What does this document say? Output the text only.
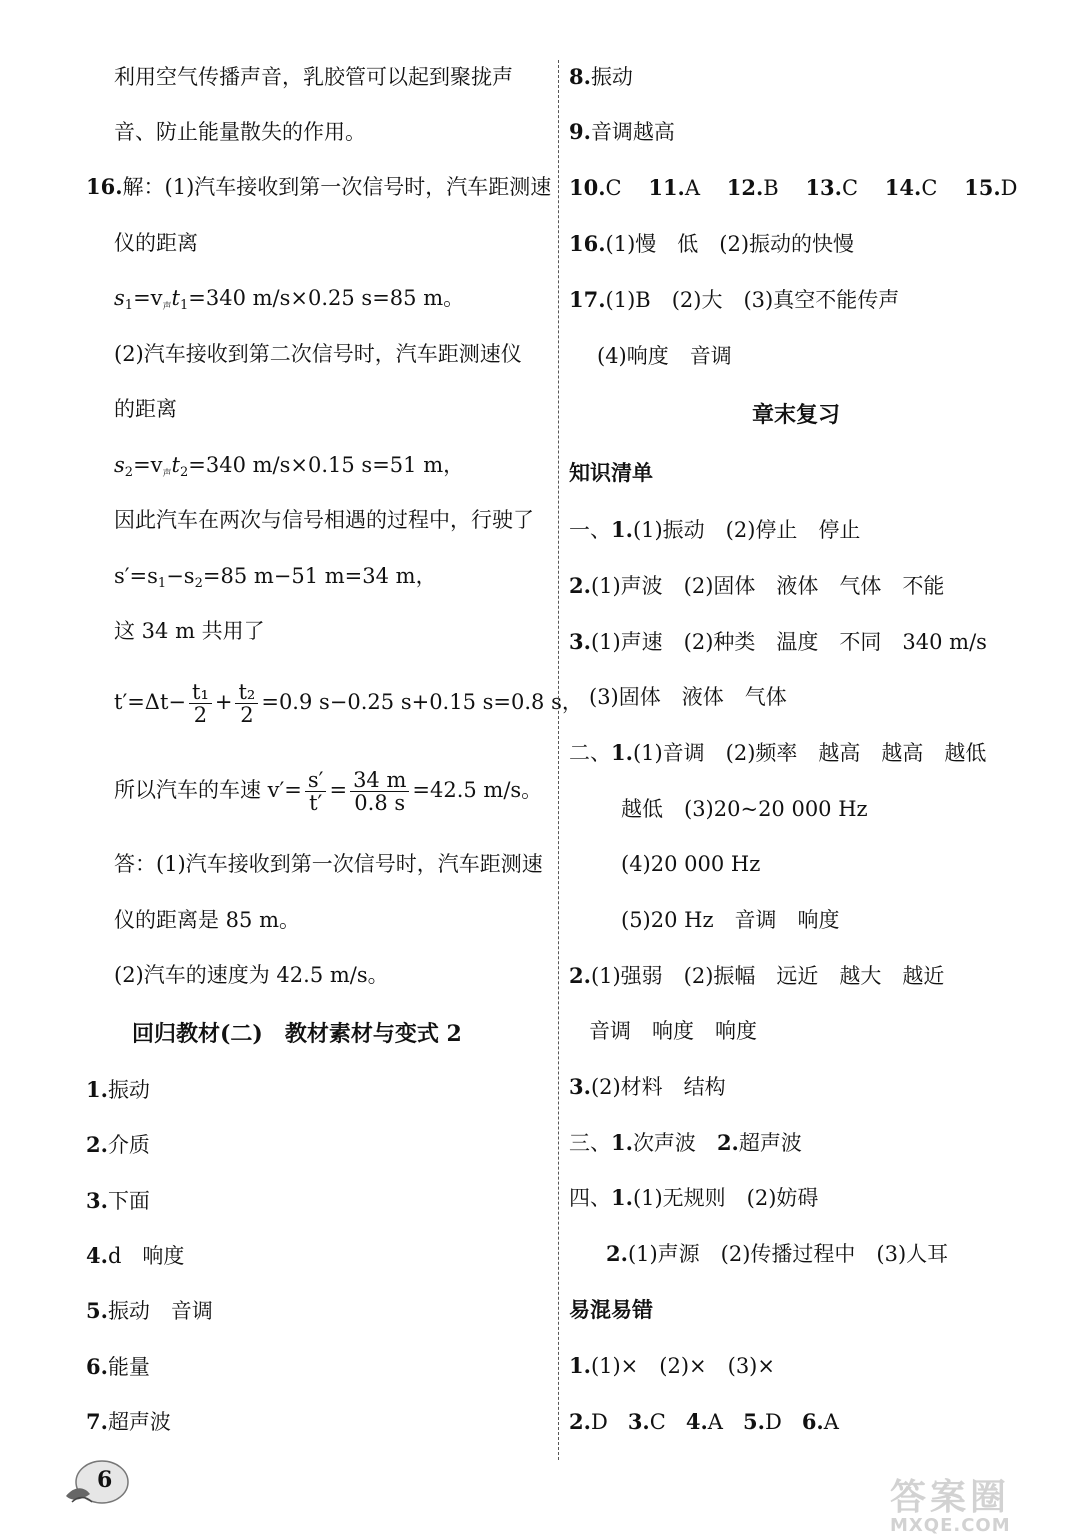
利用空气传播声音，乳胶管可以起到聚拢声
音、防止能量散失的作用。
16.解：(1)汽车接收到第一次信号时，汽车距测速
仪的距离
$s_1=v$声$t_1=340$ m/s×0.25 s=85 m。
(2)汽车接收到第二次信号时，汽车距测速仪
的距离
$s_2=v$声$t_2=340$ m/s×0.15 s=51 m，
因此汽车在两次与信号相遇的过程中，行驶了
$s'=s_1-s_2=85$ m−51 m=34 m，
这 34 m 共用了
$t'=\Delta t- \frac{\text{t₁}}{2} + \frac{\text{t₂}}{2} =0.9$ s−0.25 s+0.15 s=0.8 s，
所以汽车的车速 $v'= \frac{s'}{t'} = \frac{34 m}{0.8 s} =42.5$ m/s。
答：(1)汽车接收到第一次信号时，汽车距测速
仪的距离是 85 m。
(2)汽车的速度为 42.5 m/s。
回归教材(二)　教材素材与变式 2
1.振动
2.介质
3.下面
4.d　响度
5.振动　音调
6.能量
7.超声波
8.振动
9.音调越高
10.C 11.A 12.B 13.C 14.C 15.D
16.(1)慢　低　(2)振动的快慢
17.(1)B　(2)大　(3)真空不能传声
(4)响度　音调
章末复习
知识清单
一、1.(1)振动　(2)停止　停止
2.(1)声波　(2)固体　液体　气体　不能
3.(1)声速　(2)种类　温度　不同　340 m/s
(3)固体　液体　气体
二、1.(1)音调　(2)频率　越高　越高　越低
越低　(3)20~20 000 Hz
(4)20 000 Hz
(5)20 Hz　音调　响度
2.(1)强弱　(2)振幅　远近　越大　越近
音调　响度　响度
3.(2)材料　结构
三、1.次声波　2.超声波
四、1.(1)无规则　(2)妨碍
2.(1)声源　(2)传播过程中　(3)人耳
易混易错
1.(1)×　(2)×　(3)×
2.D 3.C 4.A 5.D 6.A
6	答案圈
MXQE.COM
